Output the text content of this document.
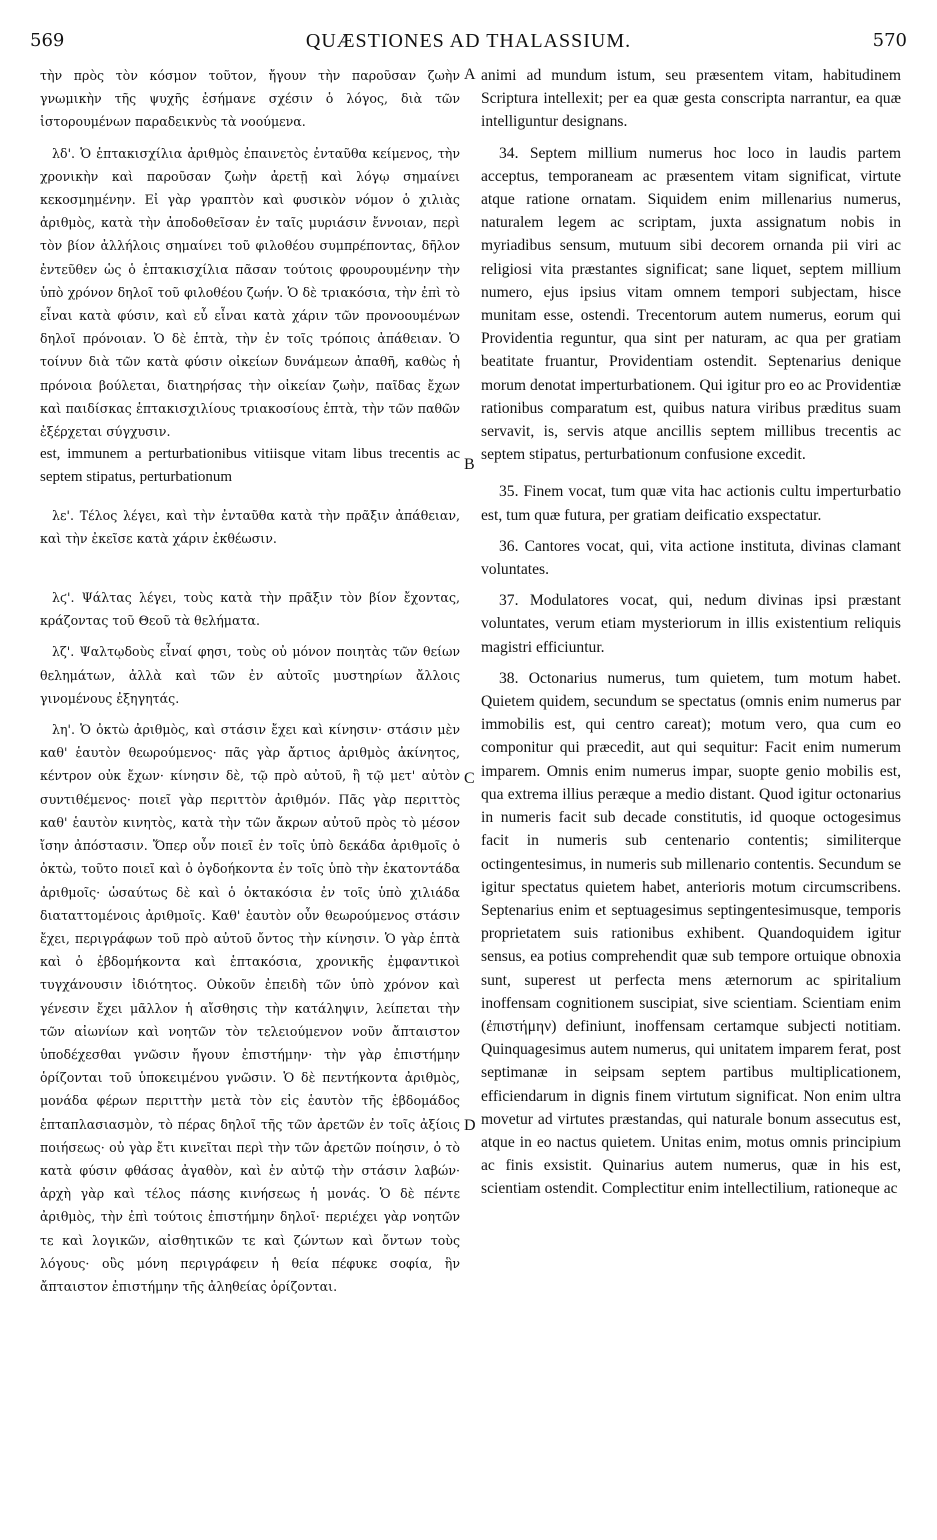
569	QUÆSTIONES AD THALASSIUM.	570
A
B
C
D

τὴν πρὸς τὸν κόσμον τοῦτον, ἤγουν τὴν παροῦσαν ζωὴν γνωμικὴν τῆς ψυχῆς ἐσήμανε σχέσιν ὁ λόγος, διὰ τῶν ἱστορουμένων παραδεικνὺς τὰ νοούμενα.

λδ'. Ὁ ἑπτακισχίλια ἀριθμὸς ἐπαινετὸς ἐνταῦθα κείμενος, τὴν χρονικὴν καὶ παροῦσαν ζωὴν ἀρετῇ καὶ λόγῳ σημαίνει κεκοσμημένην. Εἰ γὰρ γραπτὸν καὶ φυσικὸν νόμον ὁ χιλιὰς ἀριθμὸς, κατὰ τὴν ἀποδοθεῖσαν ἐν ταῖς μυριάσιν ἔννοιαν, περὶ τὸν βίον ἀλλήλοις σημαίνει τοῦ φιλοθέου συμπρέποντας, δῆλον ἐντεῦθεν ὡς ὁ ἑπτακισχίλια πᾶσαν τούτοις φρουρουμένην τὴν ὑπὸ χρόνον δηλοῖ τοῦ φιλοθέου ζωήν. Ὁ δὲ τριακόσια, τὴν ἐπὶ τὸ εἶναι κατὰ φύσιν, καὶ εὖ εἶναι κατὰ χάριν τῶν προνοουμένων δηλοῖ πρόνοιαν. Ὁ δὲ ἑπτὰ, τὴν ἐν τοῖς τρόποις ἀπάθειαν. Ὁ τοίνυν διὰ τῶν κατὰ φύσιν οἰκείων δυνάμεων ἀπαθῆ, καθὼς ἡ πρόνοια βούλεται, διατηρήσας τὴν οἰκείαν ζωὴν, παῖδας ἔχων καὶ παιδίσκας ἑπτακισχιλίους τριακοσίους ἑπτὰ, τὴν τῶν παθῶν ἐξέρχεται σύγχυσιν.

est, immunem a perturbationibus vitiisque vitam libus trecentis ac septem stipatus, perturbationum

λε'. Τέλος λέγει, καὶ τὴν ἐνταῦθα κατὰ τὴν πρᾶξιν ἀπάθειαν, καὶ τὴν ἐκεῖσε κατὰ χάριν ἐκθέωσιν.

λϛ'. Ψάλτας λέγει, τοὺς κατὰ τὴν πρᾶξιν τὸν βίον ἔχοντας, κράζοντας τοῦ Θεοῦ τὰ θελήματα.

λζ'. Ψαλτῳδοὺς εἶναί φησι, τοὺς οὐ μόνον ποιητὰς τῶν θείων θελημάτων, ἀλλὰ καὶ τῶν ἐν αὐτοῖς μυστηρίων ἄλλοις γινομένους ἐξηγητάς.

λη'. Ὁ ὀκτὼ ἀριθμὸς, καὶ στάσιν ἔχει καὶ κίνησιν· στάσιν μὲν καθ' ἑαυτὸν θεωρούμενος· πᾶς γὰρ ἄρτιος ἀριθμὸς ἀκίνητος, κέντρον οὐκ ἔχων· κίνησιν δὲ, τῷ πρὸ αὐτοῦ, ἢ τῷ μετ' αὐτὸν συντιθέμενος· ποιεῖ γὰρ περιττὸν ἀριθμόν. Πᾶς γὰρ περιττὸς καθ' ἑαυτὸν κινητὸς, κατὰ τὴν τῶν ἄκρων αὐτοῦ πρὸς τὸ μέσον ἴσην ἀπόστασιν. Ὅπερ οὖν ποιεῖ ἐν τοῖς ὑπὸ δεκάδα ἀριθμοῖς ὁ ὀκτὼ, τοῦτο ποιεῖ καὶ ὁ ὀγδοήκοντα ἐν τοῖς ὑπὸ τὴν ἑκατοντάδα ἀριθμοῖς· ὡσαύτως δὲ καὶ ὁ ὀκτακόσια ἐν τοῖς ὑπὸ χιλιάδα διαταττομένοις ἀριθμοῖς. Καθ' ἑαυτὸν οὖν θεωρούμενος στάσιν ἔχει, περιγράφων τοῦ πρὸ αὐτοῦ ὄντος τὴν κίνησιν. Ὁ γὰρ ἑπτὰ καὶ ὁ ἑβδομήκοντα καὶ ἑπτακόσια, χρονικῆς ἐμφαντικοὶ τυγχάνουσιν ἰδιότητος. Οὐκοῦν ἐπειδὴ τῶν ὑπὸ χρόνον καὶ γένεσιν ἔχει μᾶλλον ἡ αἴσθησις τὴν κατάληψιν, λείπεται τὴν τῶν αἰωνίων καὶ νοητῶν τὸν τελειούμενον νοῦν ἄπταιστον ὑποδέχεσθαι γνῶσιν ἤγουν ἐπιστήμην· τὴν γὰρ ἐπιστήμην ὁρίζονται τοῦ ὑποκειμένου γνῶσιν. Ὁ δὲ πεντήκοντα ἀριθμὸς, μονάδα φέρων περιττὴν μετὰ τὸν εἰς ἑαυτὸν τῆς ἑβδομάδος ἑπταπλασιασμὸν, τὸ πέρας δηλοῖ τῆς τῶν ἀρετῶν ἐν τοῖς ἀξίοις ποιήσεως· οὐ γὰρ ἔτι κινεῖται περὶ τὴν τῶν ἀρετῶν ποίησιν, ὁ τὸ κατὰ φύσιν φθάσας ἀγαθὸν, καὶ ἐν αὐτῷ τὴν στάσιν λαβών· ἀρχὴ γὰρ καὶ τέλος πάσης κινήσεως ἡ μονάς. Ὁ δὲ πέντε ἀριθμὸς, τὴν ἐπὶ τούτοις ἐπιστήμην δηλοῖ· περιέχει γὰρ νοητῶν τε καὶ λογικῶν, αἰσθητικῶν τε καὶ ζώντων καὶ ὄντων τοὺς λόγους· οὓς μόνη περιγράφειν ἡ θεία πέφυκε σοφία, ἣν ἄπταιστον ἐπιστήμην τῆς ἀληθείας ὁρίζονται.

animi ad mundum istum, seu præsentem vitam, habitudinem Scriptura intellexit; per ea quæ gesta conscripta narrantur, ea quæ intelliguntur designans.

34. Septem millium numerus hoc loco in laudis partem acceptus, temporaneam ac præsentem vitam significat, virtute atque ratione ornatam. Siquidem enim millenarius numerus, naturalem legem ac scriptam, juxta assignatum nobis in myriadibus sensum, mutuum sibi decorem ornanda pii viri ac religiosi vita præstantes significat; sane liquet, septem millium numero, ejus ipsius vitam omnem tempori subjectam, hisce munitam esse, ostendi. Trecentorum autem numerus, eorum qui Providentia reguntur, qua sint per naturam, ac qua per gratiam beatitate fruantur, Providentiam ostendit. Septenarius denique morum denotat imperturbationem. Qui igitur pro eo ac Providentiæ rationibus comparatum est, quibus natura viribus præditus suam servavit, is, servis atque ancillis septem millibus trecentis ac septem stipatus, perturbationum confusione excedit.

35. Finem vocat, tum quæ vita hac actionis cultu imperturbatio est, tum quæ futura, per gratiam deificatio exspectatur.

36. Cantores vocat, qui, vita actione instituta, divinas clamant voluntates.

37. Modulatores vocat, qui, nedum divinas ipsi præstant voluntates, verum etiam mysteriorum in illis existentium reliquis magistri efficiuntur.

38. Octonarius numerus, tum quietem, tum motum habet. Quietem quidem, secundum se spectatus (omnis enim numerus par immobilis est, qui centro careat); motum vero, qua cum eo componitur qui præcedit, aut qui sequitur: Facit enim numerum imparem. Omnis enim numerus impar, suopte genio mobilis est, qua extrema illius peræque a medio distant. Quod igitur octonarius in numeris facit sub decade constitutis, id quoque octogesimus facit in numeris sub centenario contentis; similiterque octingentesimus, in numeris sub millenario contentis. Secundum se igitur spectatus quietem habet, anterioris motum circumscribens. Septenarius enim et septuagesimus septingentesimusque, temporis proprietatem suis rationibus exhibent. Quandoquidem igitur sensus, ea potius comprehendit quæ sub tempore ortuique obnoxia sunt, superest ut perfecta mens æternorum ac spiritalium inoffensam cognitionem suscipiat, sive scientiam. Scientiam enim (ἐπιστήμην) definiunt, inoffensam certamque subjecti notitiam. Quinquagesimus autem numerus, qui unitatem imparem ferat, post septimanæ in seipsam septem partibus multiplicationem, efficiendarum in dignis finem virtutum significat. Non enim ultra movetur ad virtutes præstandas, qui naturale bonum assecutus est, atque in eo nactus quietem. Unitas enim, motus omnis principium ac finis exsistit. Quinarius autem numerus, quæ in his est, scientiam ostendit. Complectitur enim intellectilium, rationeque ac
